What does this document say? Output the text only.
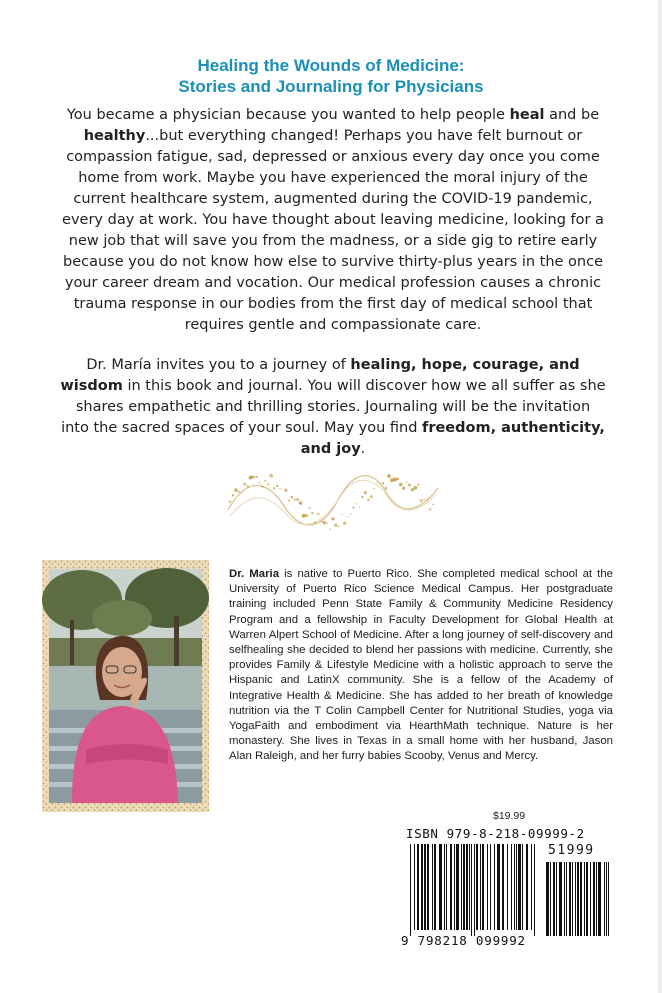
Healing the Wounds of Medicine:
Stories and Journaling for Physicians

You became a physician because you wanted to help people heal and be healthy...but everything changed! Perhaps you have felt burnout or compassion fatigue, sad, depressed or anxious every day once you come home from work. Maybe you have experienced the moral injury of the current healthcare system, augmented during the COVID-19 pandemic, every day at work. You have thought about leaving medicine, looking for a new job that will save you from the madness, or a side gig to retire early because you do not know how else to survive thirty-plus years in the once your career dream and vocation. Our medical profession causes a chronic trauma response in our bodies from the first day of medical school that requires gentle and compassionate care.

Dr. María invites you to a journey of healing, hope, courage, and wisdom in this book and journal. You will discover how we all suffer as she shares empathetic and thrilling stories. Journaling will be the invitation into the sacred spaces of your soul. May you find freedom, authenticity, and joy.

Dr. Maria is native to Puerto Rico. She completed medical school at the University of Puerto Rico Science Medical Campus. Her postgraduate training included Penn State Family & Community Medicine Residency Program and a fellowship in Faculty Development for Global Health at Warren Alpert School of Medicine. After a long journey of self-discovery and selfhealing she decided to blend her passions with medicine. Currently, she provides Family & Lifestyle Medicine with a holistic approach to serve the Hispanic and LatinX community. She is a fellow of the Academy of Integrative Health & Medicine. She has added to her breath of knowledge nutrition via the T Colin Campbell Center for Nutritional Studies, yoga via YogaFaith and embodiment via HearthMath technique. Nature is her monastery. She lives in Texas in a small home with her husband, Jason Alan Raleigh, and her furry babies Scooby, Venus and Mercy.

$19.99
ISBN 979-8-218-09999-2
51999
9 798218 099992
